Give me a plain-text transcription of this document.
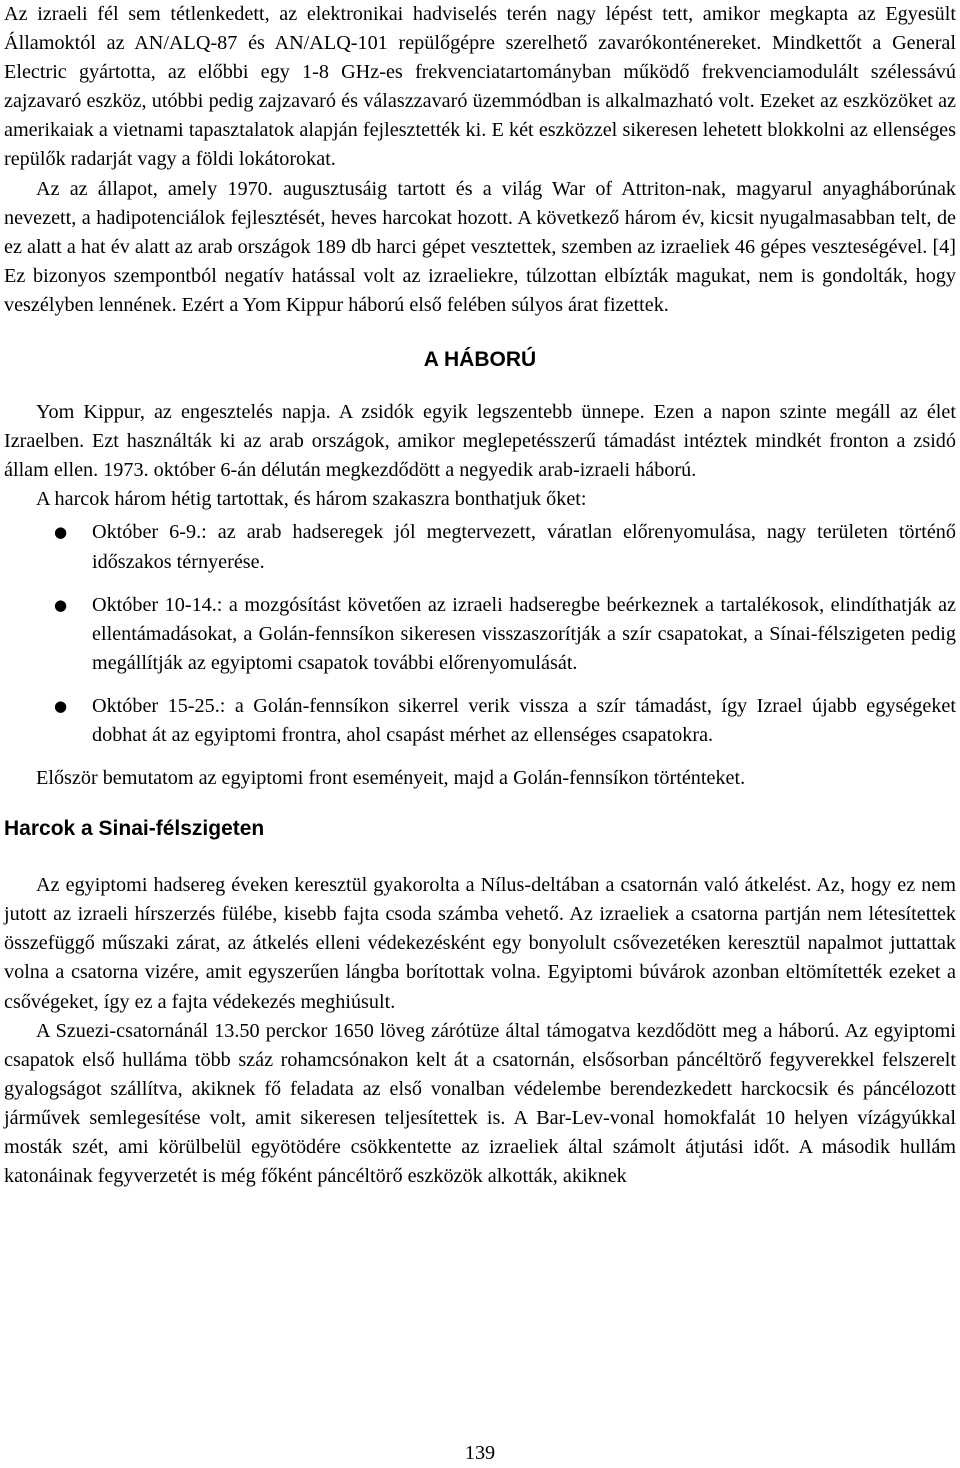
Az izraeli fél sem tétlenkedett, az elektronikai hadviselés terén nagy lépést tett, amikor megkapta az Egyesült Államoktól az AN/ALQ-87 és AN/ALQ-101 repülőgépre szerelhető zavarókonténereket. Mindkettőt a General Electric gyártotta, az előbbi egy 1-8 GHz-es frekvenciatartományban működő frekvenciamodulált szélessávú zajzavaró eszköz, utóbbi pedig zajzavaró és válaszzavaró üzemmódban is alkalmazható volt. Ezeket az eszközöket az amerikaiak a vietnami tapasztalatok alapján fejlesztették ki. E két eszközzel sikeresen lehetett blokkolni az ellenséges repülők radarját vagy a földi lokátorokat.

Az az állapot, amely 1970. augusztusáig tartott és a világ War of Attriton-nak, magyarul anyagháborúnak nevezett, a hadipotenciálok fejlesztését, heves harcokat hozott. A következő három év, kicsit nyugalmasabban telt, de ez alatt a hat év alatt az arab országok 189 db harci gépet vesztettek, szemben az izraeliek 46 gépes veszteségével. [4] Ez bizonyos szempontból negatív hatással volt az izraeliekre, túlzottan elbízták magukat, nem is gondolták, hogy veszélyben lennének. Ezért a Yom Kippur háború első felében súlyos árat fizettek.

A HÁBORÚ

Yom Kippur, az engesztelés napja. A zsidók egyik legszentebb ünnepe. Ezen a napon szinte megáll az élet Izraelben. Ezt használták ki az arab országok, amikor meglepetésszerű támadást intéztek mindkét fronton a zsidó állam ellen. 1973. október 6-án délután megkezdődött a negyedik arab-izraeli háború.

A harcok három hétig tartottak, és három szakaszra bonthatjuk őket:

● Október 6-9.: az arab hadseregek jól megtervezett, váratlan előrenyomulása, nagy területen történő időszakos térnyerése.
● Október 10-14.: a mozgósítást követően az izraeli hadseregbe beérkeznek a tartalékosok, elindíthatják az ellentámadásokat, a Golán-fennsíkon sikeresen visszaszorítják a szír csapatokat, a Sínai-félszigeten pedig megállítják az egyiptomi csapatok további előrenyomulását.
● Október 15-25.: a Golán-fennsíkon sikerrel verik vissza a szír támadást, így Izrael újabb egységeket dobhat át az egyiptomi frontra, ahol csapást mérhet az ellenséges csapatokra.

Először bemutatom az egyiptomi front eseményeit, majd a Golán-fennsíkon történteket.

Harcok a Sinai-félszigeten

Az egyiptomi hadsereg éveken keresztül gyakorolta a Nílus-deltában a csatornán való átkelést. Az, hogy ez nem jutott az izraeli hírszerzés fülébe, kisebb fajta csoda számba vehető. Az izraeliek a csatorna partján nem létesítettek összefüggő műszaki zárat, az átkelés elleni védekezésként egy bonyolult csővezetéken keresztül napalmot juttattak volna a csatorna vizére, amit egyszerűen lángba borítottak volna. Egyiptomi búvárok azonban eltömítették ezeket a csővégeket, így ez a fajta védekezés meghiúsult.

A Szuezi-csatornánál 13.50 perckor 1650 löveg zárótüze által támogatva kezdődött meg a háború. Az egyiptomi csapatok első hulláma több száz rohamcsónakon kelt át a csatornán, elsősorban páncéltörő fegyverekkel felszerelt gyalogságot szállítva, akiknek fő feladata az első vonalban védelembe berendezkedett harckocsik és páncélozott járművek semlegesítése volt, amit sikeresen teljesítettek is. A Bar-Lev-vonal homokfalát 10 helyen vízágyúkkal mosták szét, ami körülbelül egyötödére csökkentette az izraeliek által számolt átjutási időt. A második hullám katonáinak fegyverzetét is még főként páncéltörő eszközök alkották, akiknek

139
